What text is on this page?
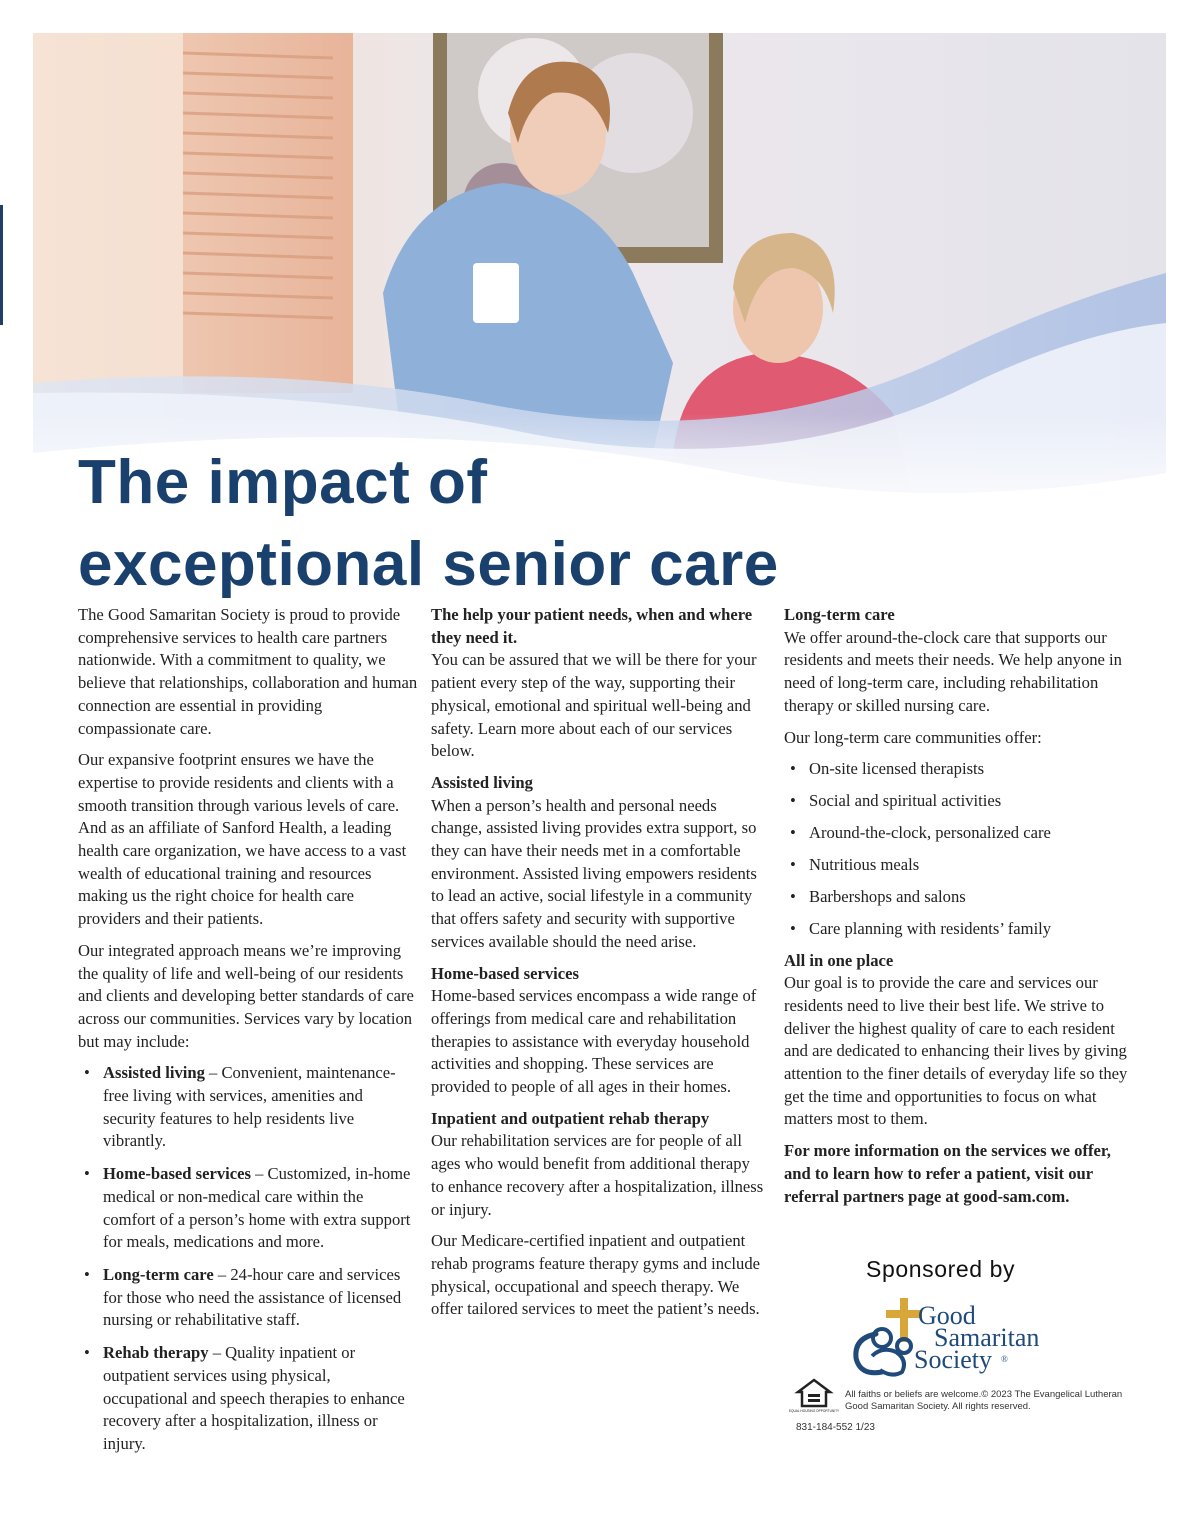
The impact of
exceptional senior care

The Good Samaritan Society is proud to provide comprehensive services to health care partners nationwide. With a commitment to quality, we believe that relationships, collaboration and human connection are essential in providing compassionate care.

Our expansive footprint ensures we have the expertise to provide residents and clients with a smooth transition through various levels of care. And as an affiliate of Sanford Health, a leading health care organization, we have access to a vast wealth of educational training and resources making us the right choice for health care providers and their patients.

Our integrated approach means we’re improving the quality of life and well-being of our residents and clients and developing better standards of care across our communities. Services vary by location but may include:

• Assisted living – Convenient, maintenance-free living with services, amenities and security features to help residents live vibrantly.
• Home-based services – Customized, in-home medical or non-medical care within the comfort of a person’s home with extra support for meals, medications and more.
• Long-term care – 24-hour care and services for those who need the assistance of licensed nursing or rehabilitative staff.
• Rehab therapy – Quality inpatient or outpatient services using physical, occupational and speech therapies to enhance recovery after a hospitalization, illness or injury.

The help your patient needs, when and where they need it.
You can be assured that we will be there for your patient every step of the way, supporting their physical, emotional and spiritual well-being and safety. Learn more about each of our services below.

Assisted living
When a person’s health and personal needs change, assisted living provides extra support, so they can have their needs met in a comfortable environment. Assisted living empowers residents to lead an active, social lifestyle in a community that offers safety and security with supportive services available should the need arise.

Home-based services
Home-based services encompass a wide range of offerings from medical care and rehabilitation therapies to assistance with everyday household activities and shopping. These services are provided to people of all ages in their homes.

Inpatient and outpatient rehab therapy
Our rehabilitation services are for people of all ages who would benefit from additional therapy to enhance recovery after a hospitalization, illness or injury.

Our Medicare-certified inpatient and outpatient rehab programs feature therapy gyms and include physical, occupational and speech therapy. We offer tailored services to meet the patient’s needs.

Long-term care
We offer around-the-clock care that supports our residents and meets their needs. We help anyone in need of long-term care, including rehabilitation therapy or skilled nursing care.

Our long-term care communities offer:

• On-site licensed therapists
• Social and spiritual activities
• Around-the-clock, personalized care
• Nutritious meals
• Barbershops and salons
• Care planning with residents’ family

All in one place
Our goal is to provide the care and services our residents need to live their best life. We strive to deliver the highest quality of care to each resident and are dedicated to enhancing their lives by giving attention to the finer details of everyday life so they get the time and opportunities to focus on what matters most to them.

For more information on the services we offer, and to learn how to refer a patient, visit our referral partners page at good-sam.com.

Sponsored by
Good
Samaritan
Society ®
EQUAL HOUSING OPPORTUNITY
All faiths or beliefs are welcome.© 2023 The Evangelical Lutheran Good Samaritan Society. All rights reserved.
831-184-552 1/23
